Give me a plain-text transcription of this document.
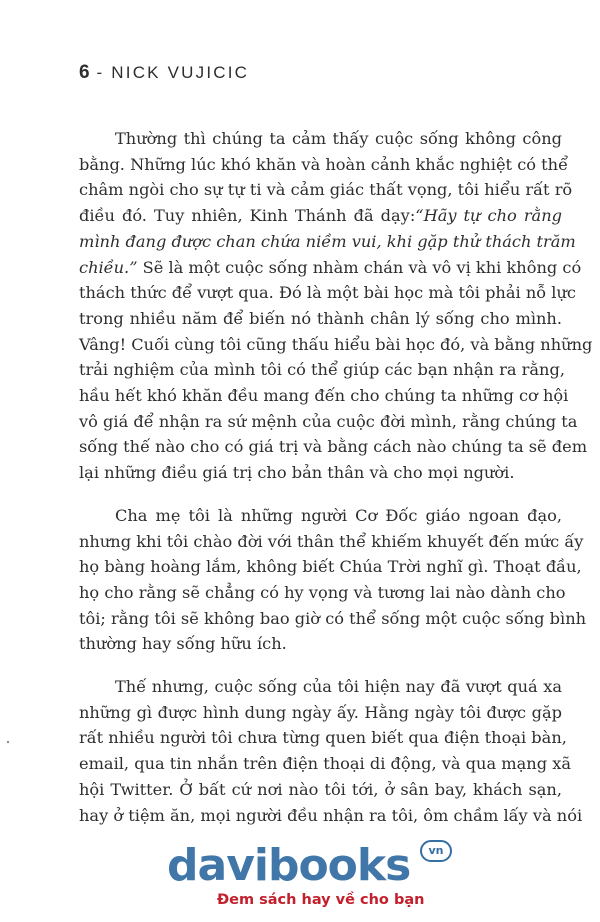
6 - NICK VUJICIC

Thường thì chúng ta cảm thấy cuộc sống không công
bằng. Những lúc khó khăn và hoàn cảnh khắc nghiệt có thể
châm ngòi cho sự tự ti và cảm giác thất vọng, tôi hiểu rất rõ
điều đó. Tuy nhiên, Kinh Thánh đã dạy:“Hãy tự cho rằng
mình đang được chan chứa niềm vui, khi gặp thử thách trăm
chiều.” Sẽ là một cuộc sống nhàm chán và vô vị khi không có
thách thức để vượt qua. Đó là một bài học mà tôi phải nỗ lực
trong nhiều năm để biến nó thành chân lý sống cho mình.
Vâng! Cuối cùng tôi cũng thấu hiểu bài học đó, và bằng những
trải nghiệm của mình tôi có thể giúp các bạn nhận ra rằng,
hầu hết khó khăn đều mang đến cho chúng ta những cơ hội
vô giá để nhận ra sứ mệnh của cuộc đời mình, rằng chúng ta
sống thế nào cho có giá trị và bằng cách nào chúng ta sẽ đem
lại những điều giá trị cho bản thân và cho mọi người.

Cha mẹ tôi là những người Cơ Đốc giáo ngoan đạo,
nhưng khi tôi chào đời với thân thể khiếm khuyết đến mức ấy
họ bàng hoàng lắm, không biết Chúa Trời nghĩ gì. Thoạt đầu,
họ cho rằng sẽ chẳng có hy vọng và tương lai nào dành cho
tôi; rằng tôi sẽ không bao giờ có thể sống một cuộc sống bình
thường hay sống hữu ích.

Thế nhưng, cuộc sống của tôi hiện nay đã vượt quá xa
những gì được hình dung ngày ấy. Hằng ngày tôi được gặp
rất nhiều người tôi chưa từng quen biết qua điện thoại bàn,
email, qua tin nhắn trên điện thoại di động, và qua mạng xã
hội Twitter. Ở bất cứ nơi nào tôi tới, ở sân bay, khách sạn,
hay ở tiệm ăn, mọi người đều nhận ra tôi, ôm chầm lấy và nói

davibooks	vn
Đem sách hay về cho bạn
